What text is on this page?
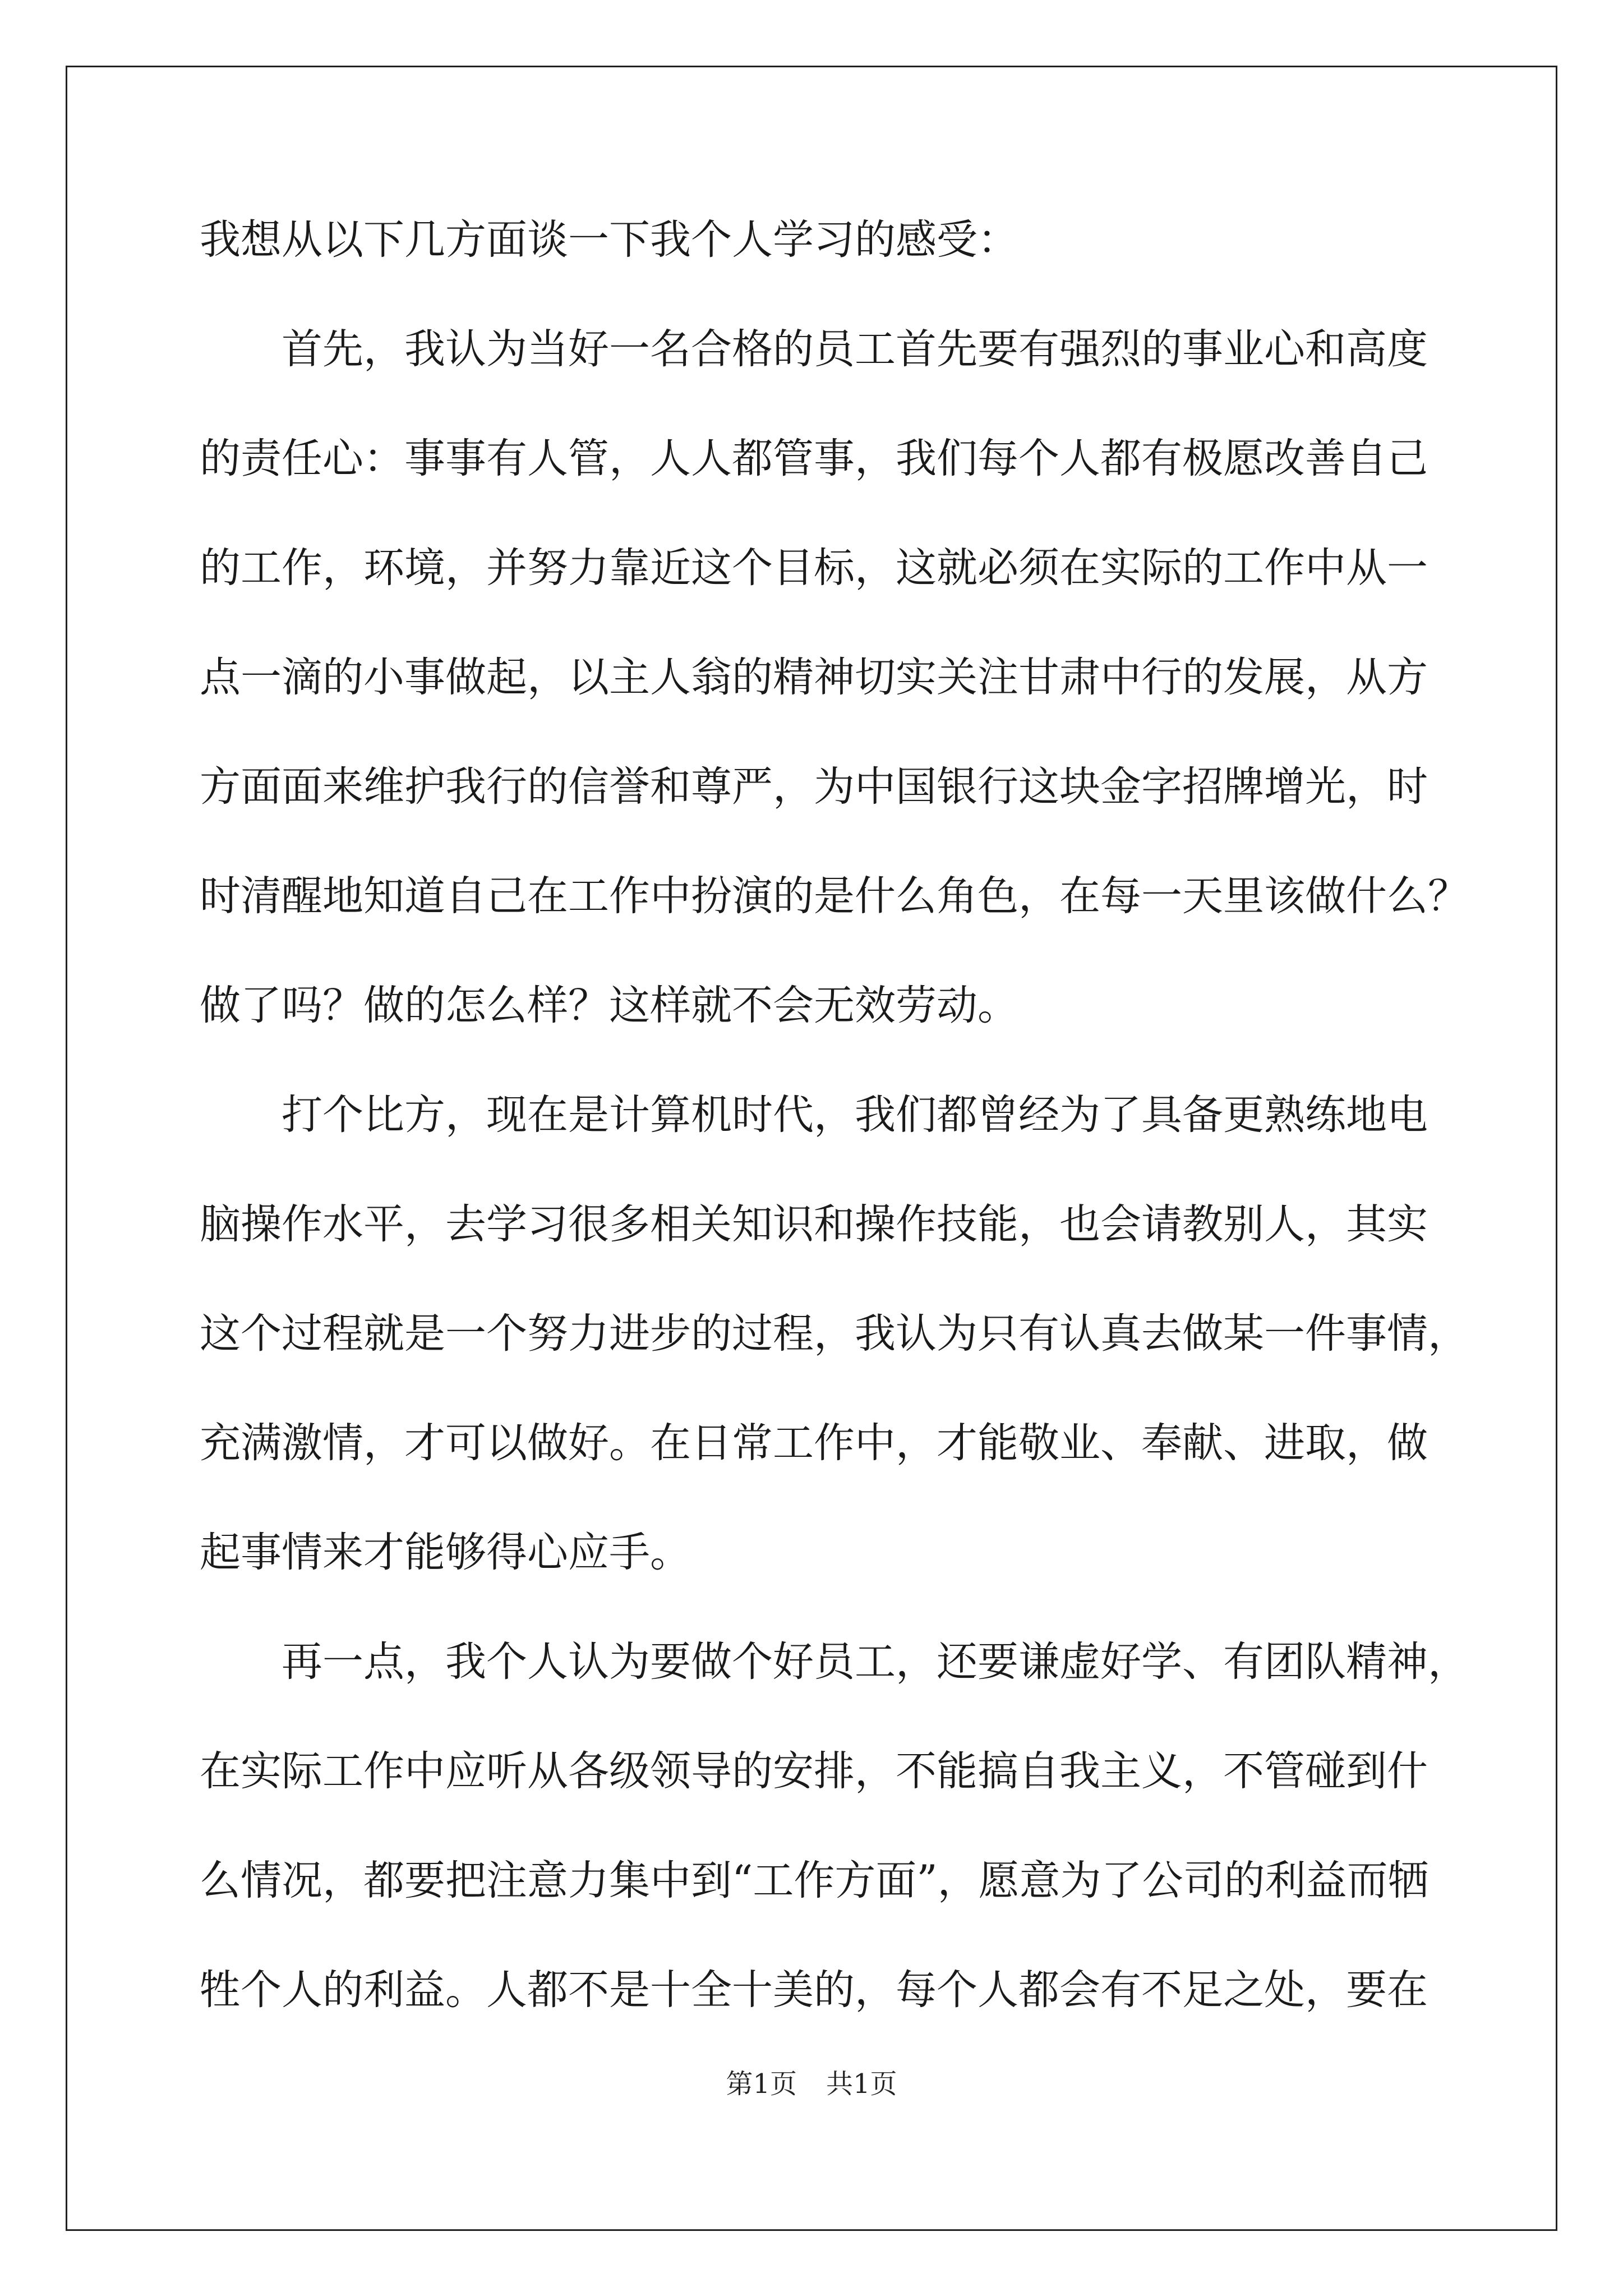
我想从以下几方面谈一下我个人学习的感受：
首先，我认为当好一名合格的员工首先要有强烈的事业心和高度
的责任心：事事有人管，人人都管事，我们每个人都有极愿改善自己
的工作，环境，并努力靠近这个目标，这就必须在实际的工作中从一
点一滴的小事做起，以主人翁的精神切实关注甘肃中行的发展，从方
方面面来维护我行的信誉和尊严，为中国银行这块金字招牌增光，时
时清醒地知道自己在工作中扮演的是什么角色，在每一天里该做什么？
做了吗？做的怎么样？这样就不会无效劳动。
打个比方，现在是计算机时代，我们都曾经为了具备更熟练地电
脑操作水平，去学习很多相关知识和操作技能，也会请教别人，其实
这个过程就是一个努力进步的过程，我认为只有认真去做某一件事情，
充满激情，才可以做好。在日常工作中，才能敬业、奉献、进取，做
起事情来才能够得心应手。
再一点，我个人认为要做个好员工，还要谦虚好学、有团队精神，
在实际工作中应听从各级领导的安排，不能搞自我主义，不管碰到什
么情况，都要把注意力集中到“工作方面”，愿意为了公司的利益而牺
牲个人的利益。人都不是十全十美的，每个人都会有不足之处，要在
第1页 共1页
